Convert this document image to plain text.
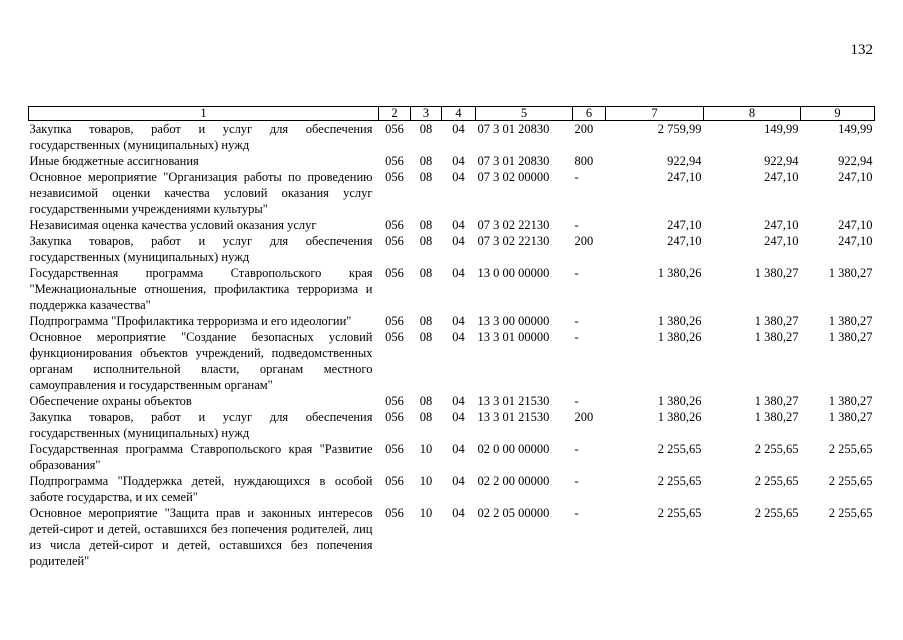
132
1	2	3	4	5	6	7	8	9
Закупка товаров, работ и услуг для обеспечения государственных (муниципальных) нужд	056	08	04	07 3 01 20830	200	2 759,99	149,99	149,99
Иные бюджетные ассигнования	056	08	04	07 3 01 20830	800	922,94	922,94	922,94
Основное мероприятие "Организация работы по проведению независимой оценки качества условий оказания услуг государственными учреждениями культуры"	056	08	04	07 3 02 00000	-	247,10	247,10	247,10
Независимая оценка качества условий оказания услуг	056	08	04	07 3 02 22130	-	247,10	247,10	247,10
Закупка товаров, работ и услуг для обеспечения государственных (муниципальных) нужд	056	08	04	07 3 02 22130	200	247,10	247,10	247,10
Государственная программа Ставропольского края "Межнациональные отношения, профилактика терроризма и поддержка казачества"	056	08	04	13 0 00 00000	-	1 380,26	1 380,27	1 380,27
Подпрограмма "Профилактика терроризма и его идеологии"	056	08	04	13 3 00 00000	-	1 380,26	1 380,27	1 380,27
Основное мероприятие "Создание безопасных условий функционирования объектов учреждений, подведомственных органам исполнительной власти, органам местного самоуправления и государственным органам"	056	08	04	13 3 01 00000	-	1 380,26	1 380,27	1 380,27
Обеспечение охраны объектов	056	08	04	13 3 01 21530	-	1 380,26	1 380,27	1 380,27
Закупка товаров, работ и услуг для обеспечения государственных (муниципальных) нужд	056	08	04	13 3 01 21530	200	1 380,26	1 380,27	1 380,27
Государственная программа Ставропольского края "Развитие образования"	056	10	04	02 0 00 00000	-	2 255,65	2 255,65	2 255,65
Подпрограмма "Поддержка детей, нуждающихся в особой заботе государства, и их семей"	056	10	04	02 2 00 00000	-	2 255,65	2 255,65	2 255,65
Основное мероприятие "Защита прав и законных интересов детей-сирот и детей, оставшихся без попечения родителей, лиц из числа детей-сирот и детей, оставшихся без попечения родителей"	056	10	04	02 2 05 00000	-	2 255,65	2 255,65	2 255,65
